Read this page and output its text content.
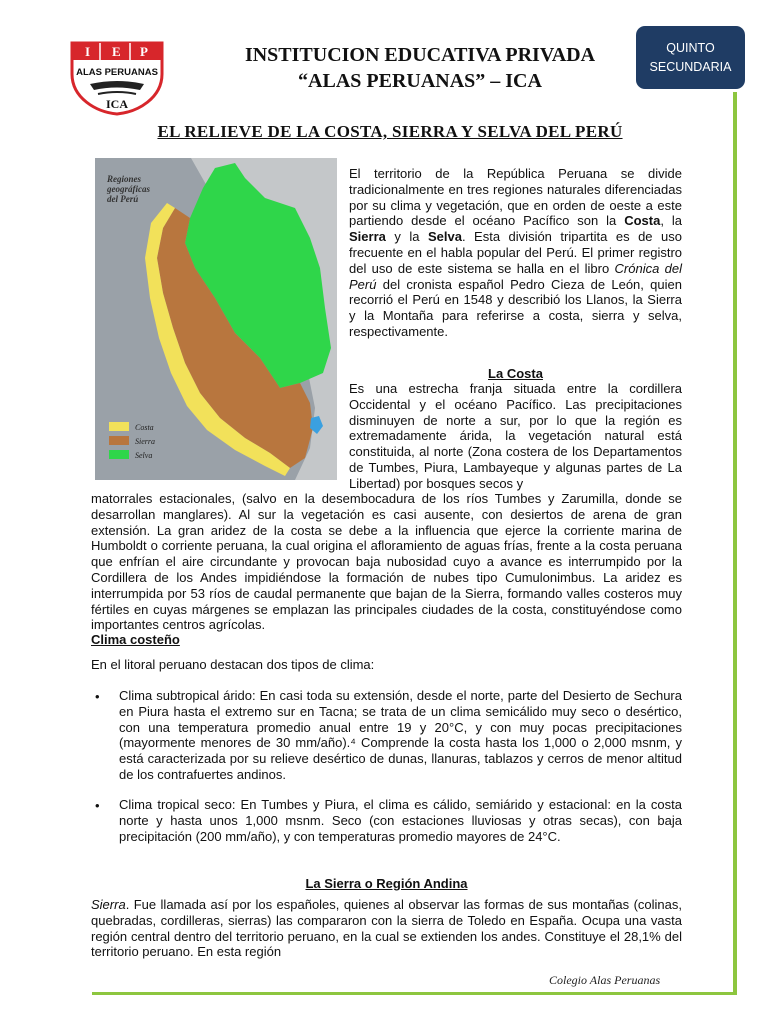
I E P
ALAS PERUANAS
ICA
INSTITUCION EDUCATIVA PRIVADA
“ALAS PERUANAS” – ICA
QUINTO
SECUNDARIA
EL RELIEVE DE LA COSTA, SIERRA Y SELVA DEL PERÚ
Regiones
geográficas
del Perú
Costa
Sierra
Selva
El territorio de la República Peruana se divide tradicionalmente en tres regiones naturales diferenciadas por su clima y vegetación, que en orden de oeste a este partiendo desde el océano Pacífico son la Costa, la Sierra y la Selva. Esta división tripartita es de uso frecuente en el habla popular del Perú. El primer registro del uso de este sistema se halla en el libro Crónica del Perú del cronista español Pedro Cieza de León, quien recorrió el Perú en 1548 y describió los Llanos, la Sierra y la Montaña para referirse a costa, sierra y selva, respectivamente.
La Costa
Es una estrecha franja situada entre la cordillera Occidental y el océano Pacífico. Las precipitaciones disminuyen de norte a sur, por lo que la región es extremadamente árida, la vegetación natural está constituida, al norte (Zona costera de los Departamentos de Tumbes, Piura, Lambayeque y algunas partes de La Libertad) por bosques secos y
matorrales estacionales, (salvo en la desembocadura de los ríos Tumbes y Zarumilla, donde se desarrollan manglares). Al sur la vegetación es casi ausente, con desiertos de arena de gran extensión. La gran aridez de la costa se debe a la influencia que ejerce la corriente marina de Humboldt o corriente peruana, la cual origina el afloramiento de aguas frías, frente a la costa peruana que enfrían el aire circundante y provocan baja nubosidad cuyo a avance es interrumpido por la Cordillera de los Andes impidiéndose la formación de nubes tipo Cumulonimbus. La aridez es interrumpida por 53 ríos de caudal permanente que bajan de la Sierra, formando valles costeros muy fértiles en cuyas márgenes se emplazan las principales ciudades de la costa, constituyéndose como importantes centros agrícolas.
Clima costeño
En el litoral peruano destacan dos tipos de clima:
• Clima subtropical árido: En casi toda su extensión, desde el norte, parte del Desierto de Sechura en Piura hasta el extremo sur en Tacna; se trata de un clima semicálido muy seco o desértico, con una temperatura promedio anual entre 19 y 20°C, y con muy pocas precipitaciones (mayormente menores de 30 mm/año).⁴ Comprende la costa hasta los 1,000 o 2,000 msnm, y está caracterizada por su relieve desértico de dunas, llanuras, tablazos y cerros de menor altitud de los contrafuertes andinos.
• Clima tropical seco: En Tumbes y Piura, el clima es cálido, semiárido y estacional: en la costa norte y hasta unos 1,000 msnm. Seco (con estaciones lluviosas y otras secas), con baja precipitación (200 mm/año), y con temperaturas promedio mayores de 24°C.
La Sierra o Región Andina
Sierra. Fue llamada así por los españoles, quienes al observar las formas de sus montañas (colinas, quebradas, cordilleras, sierras) las compararon con la sierra de Toledo en España. Ocupa una vasta región central dentro del territorio peruano, en la cual se extienden los andes. Constituye el 28,1% del territorio peruano. En esta región
Colegio Alas Peruanas
